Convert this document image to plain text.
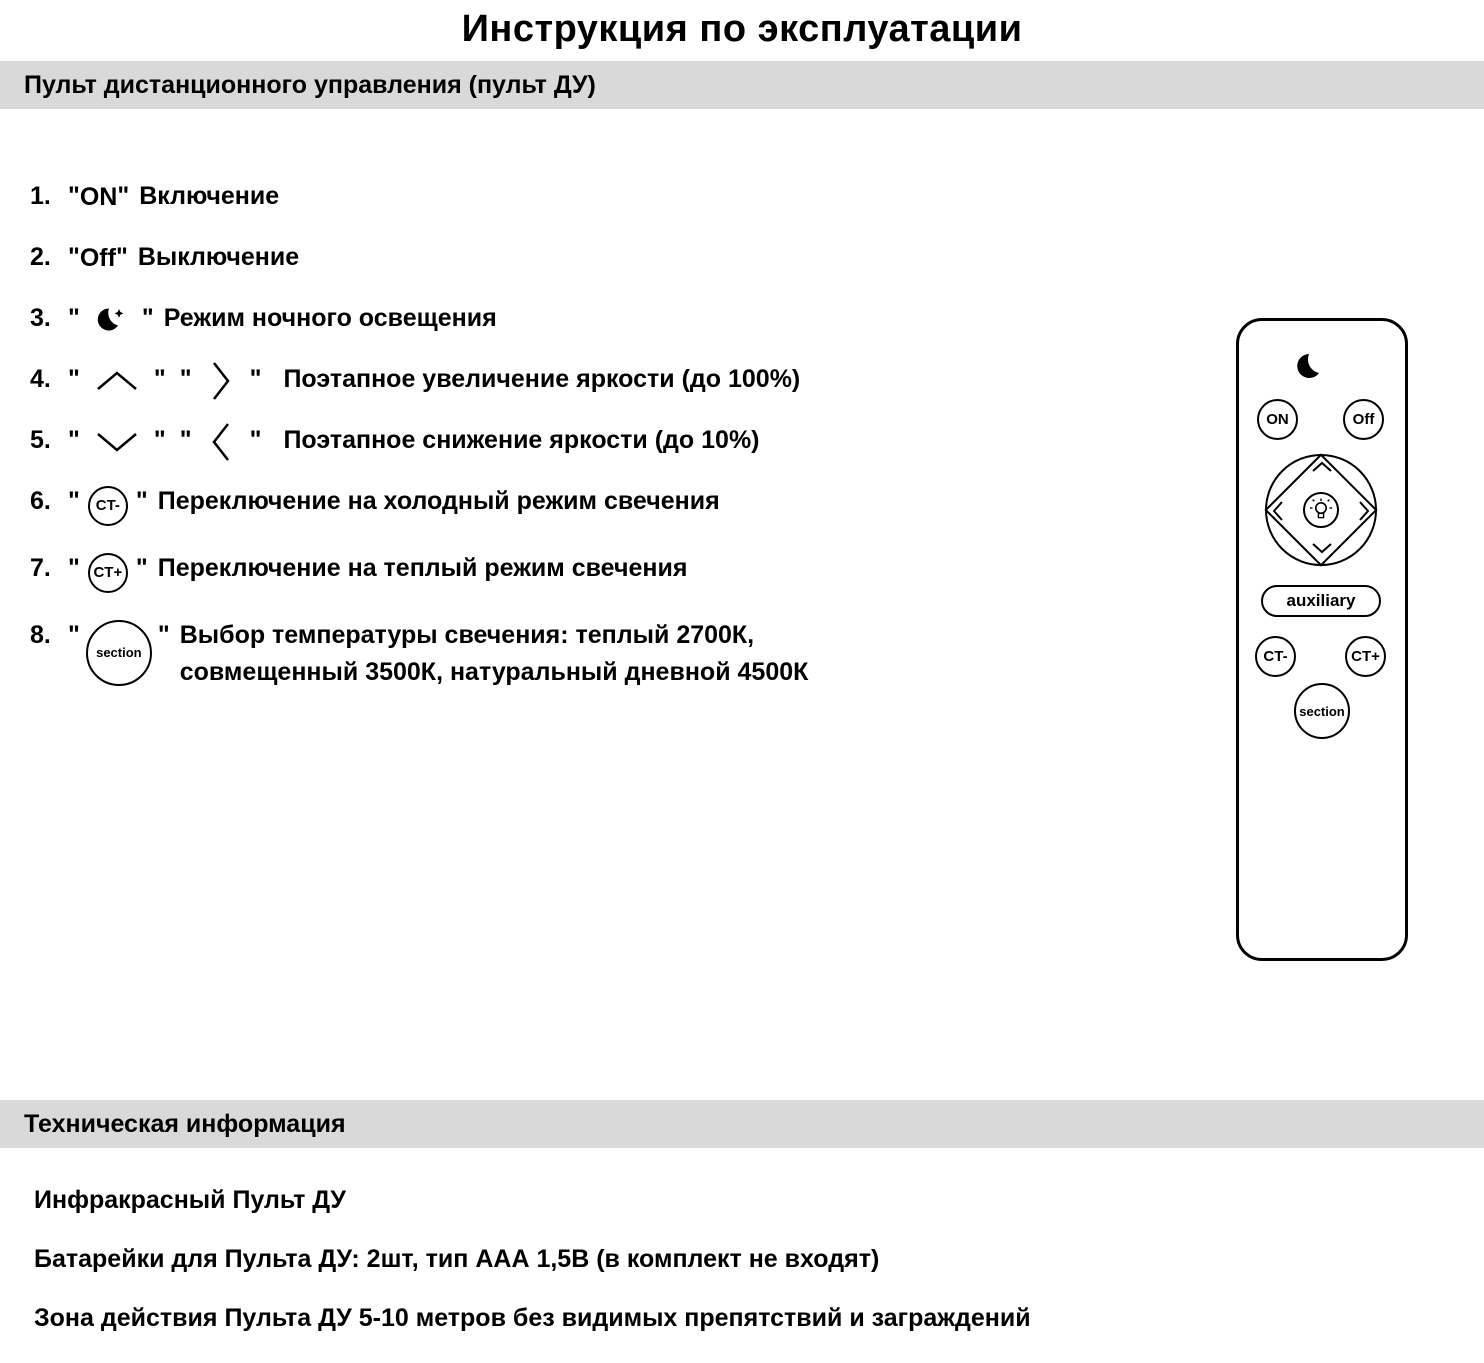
Инструкция по эксплуатации
Пульт дистанционного управления (пульт ДУ)
1. " ON " Включение
2. " Off " Выключение
3. " " Режим ночного освещения
4. "	" " " Поэтапное увеличение яркости (до 100%)
5. "	" " " Поэтапное снижение яркости (до 10%)
6. "	CT- " Переключение на холодный режим свечения
7. " CT+ " Переключение на теплый режим свечения
8. "
section
" Выбор температуры свечения: теплый 2700К,
совмещенный 3500К, натуральный дневной 4500К
ON	Off
auxiliary
CT-	CT+
section
Техническая информация
Инфракрасный Пульт ДУ
Батарейки для Пульта ДУ: 2шт, тип ААА 1,5В (в комплект не входят)
Зона действия Пульта ДУ 5-10 метров без видимых препятствий и заграждений
